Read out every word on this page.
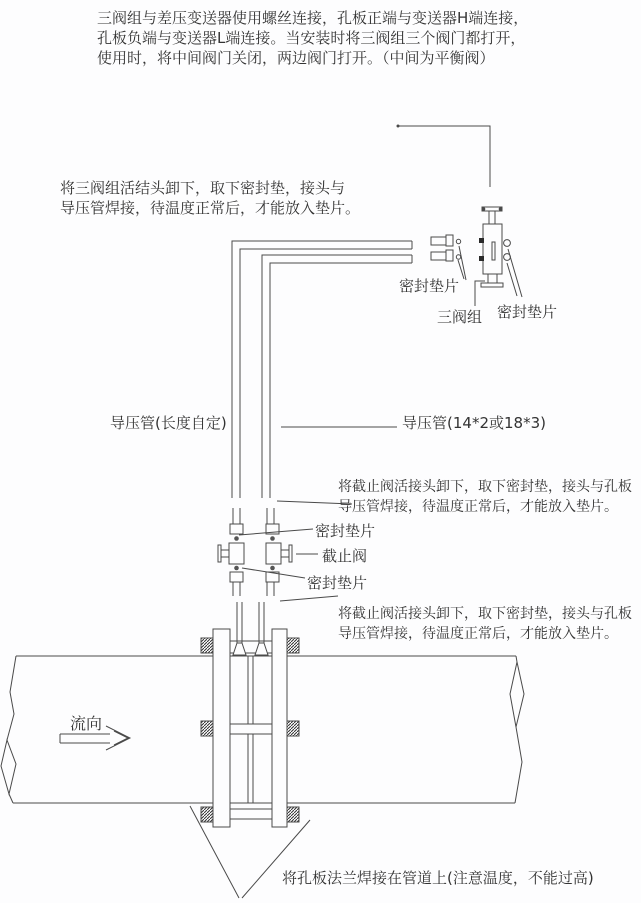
三阀组与差压变送器使用螺丝连接，孔板正端与变送器H端连接，
孔板负端与变送器L端连接。当安装时将三阀组三个阀门都打开，
使用时，将中间阀门关闭，两边阀门打开。（中间为平衡阀）
将三阀组活结头卸下，取下密封垫，接头与
导压管焊接，待温度正常后，才能放入垫片。
密封垫片
三阀组 密封垫片
导压管(长度自定)	导压管(14*2或18*3)
将截止阀活接头卸下，取下密封垫，接头与孔板
导压管焊接，待温度正常后，才能放入垫片。
密封垫片
截止阀
密封垫片
将截止阀活接头卸下，取下密封垫，接头与孔板
导压管焊接，待温度正常后，才能放入垫片。
流向
将孔板法兰焊接在管道上(注意温度，不能过高)
